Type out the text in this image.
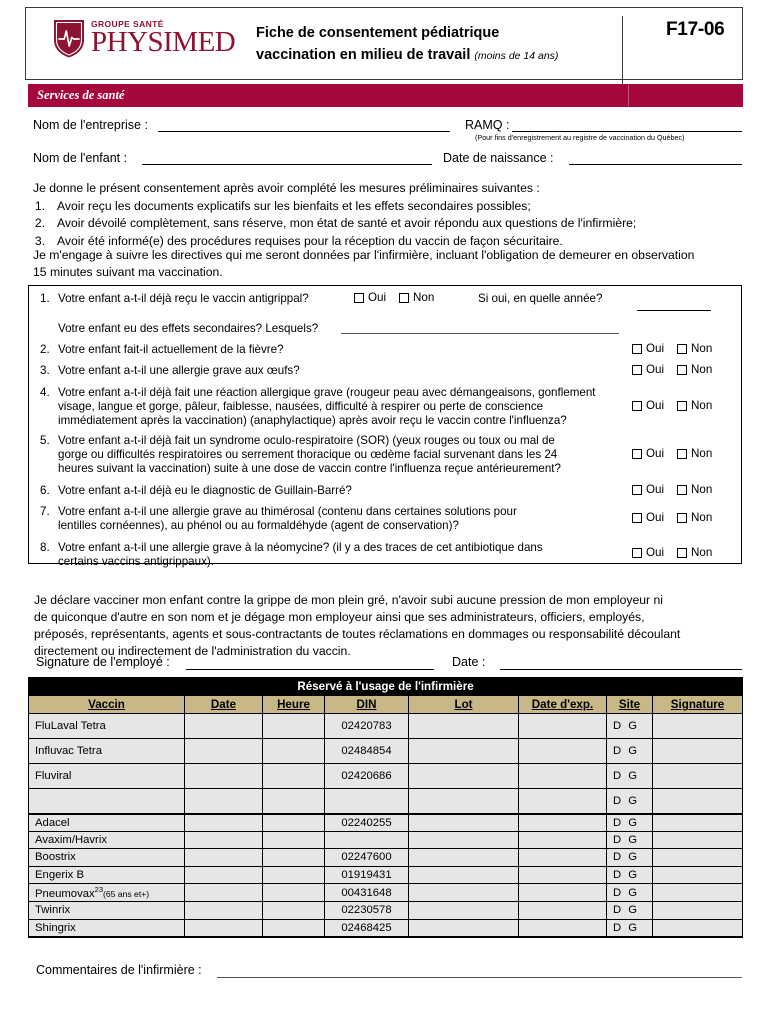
GROUPE SANTÉ
PHYSIMED Fiche de consentement pédiatrique
vaccination en milieu de travail (moins de 14 ans)
F17-06
Services de santé
Nom de l'entreprise :	RAMQ :
(Pour fins d'enregistrement au registre de vaccination du Québec)
Nom de l'enfant :	Date de naissance :
Je donne le présent consentement après avoir complété les mesures préliminaires suivantes :
1. Avoir reçu les documents explicatifs sur les bienfaits et les effets secondaires possibles;
2. Avoir dévoilé complètement, sans réserve, mon état de santé et avoir répondu aux questions de l'infirmière;
3. Avoir été informé(e) des procédures requises pour la réception du vaccin de façon sécuritaire.
Je m'engage à suivre les directives qui me seront données par l'infirmière, incluant l'obligation de demeurer en observation
15 minutes suivant ma vaccination.
1. Votre enfant a-t-il déjà reçu le vaccin antigrippal?	Oui Non	Si oui, en quelle année?
Votre enfant eu des effets secondaires? Lesquels?
2. Votre enfant fait-il actuellement de la fièvre?	Oui Non
3. Votre enfant a-t-il une allergie grave aux œufs?	Oui Non
4. Votre enfant a-t-il déjà fait une réaction allergique grave (rougeur peau avec démangeaisons, gonflement
visage, langue et gorge, pâleur, faiblesse, nausées, difficulté à respirer ou perte de conscience
immédiatement après la vaccination) (anaphylactique) après avoir reçu le vaccin contre l'influenza?
Oui Non
5. Votre enfant a-t-il déjà fait un syndrome oculo-respiratoire (SOR) (yeux rouges ou toux ou mal de
gorge ou difficultés respiratoires ou serrement thoracique ou œdème facial survenant dans les 24
heures suivant la vaccination) suite à une dose de vaccin contre l'influenza reçue antérieurement?
Oui Non
6. Votre enfant a-t-il déjà eu le diagnostic de Guillain-Barré?	Oui Non
7. Votre enfant a-t-il une allergie grave au thimérosal (contenu dans certaines solutions pour
lentilles cornéennes), au phénol ou au formaldéhyde (agent de conservation)?
Oui Non
8. Votre enfant a-t-il une allergie grave à la néomycine? (il y a des traces de cet antibiotique dans
certains vaccins antigrippaux).
Oui Non
Je déclare vacciner mon enfant contre la grippe de mon plein gré, n'avoir subi aucune pression de mon employeur ni
de quiconque d'autre en son nom et je dégage mon employeur ainsi que ses administrateurs, officiers, employés,
préposés, représentants, agents et sous-contractants de toutes réclamations en dommages ou responsabilité découlant
directement ou indirectement de l'administration du vaccin.
Signature de l'employé :	Date :
Réservé à l'usage de l'infirmière							
Vaccin	Date	Heure	DIN	Lot	Date d'exp.	Site	Signature
FluLaval Tetra			02420783			D G	
Influvac Tetra			02484854			D G	
Fluviral			02420686			D G	
						D G	
Adacel			02240255			D G	
Avaxim/Havrix						D G	
Boostrix			02247600			D G	
Engerix B			01919431			D G	
Pneumovax$^{23}$(65 ans et+)			00431648			D G	
Twinrix			02230578			D G	
Shingrix			02468425			D G	
Commentaires de l'infirmière :
